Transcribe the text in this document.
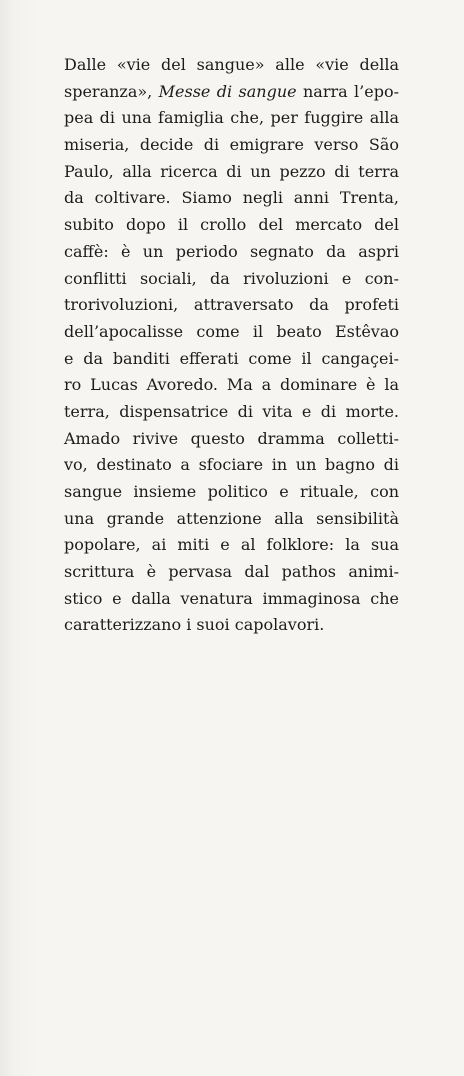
Dalle «vie del sangue» alle «vie della
speranza», Messe di sangue narra l’epo-
pea di una famiglia che, per fuggire alla
miseria, decide di emigrare verso São
Paulo, alla ricerca di un pezzo di terra
da coltivare. Siamo negli anni Trenta,
subito dopo il crollo del mercato del
caffè: è un periodo segnato da aspri
conflitti sociali, da rivoluzioni e con-
trorivoluzioni, attraversato da profeti
dell’apocalisse come il beato Estêvao
e da banditi efferati come il cangaçei-
ro Lucas Avoredo. Ma a dominare è la
terra, dispensatrice di vita e di morte.
Amado rivive questo dramma colletti-
vo, destinato a sfociare in un bagno di
sangue insieme politico e rituale, con
una grande attenzione alla sensibilità
popolare, ai miti e al folklore: la sua
scrittura è pervasa dal pathos animi-
stico e dalla venatura immaginosa che
caratterizzano i suoi capolavori.
